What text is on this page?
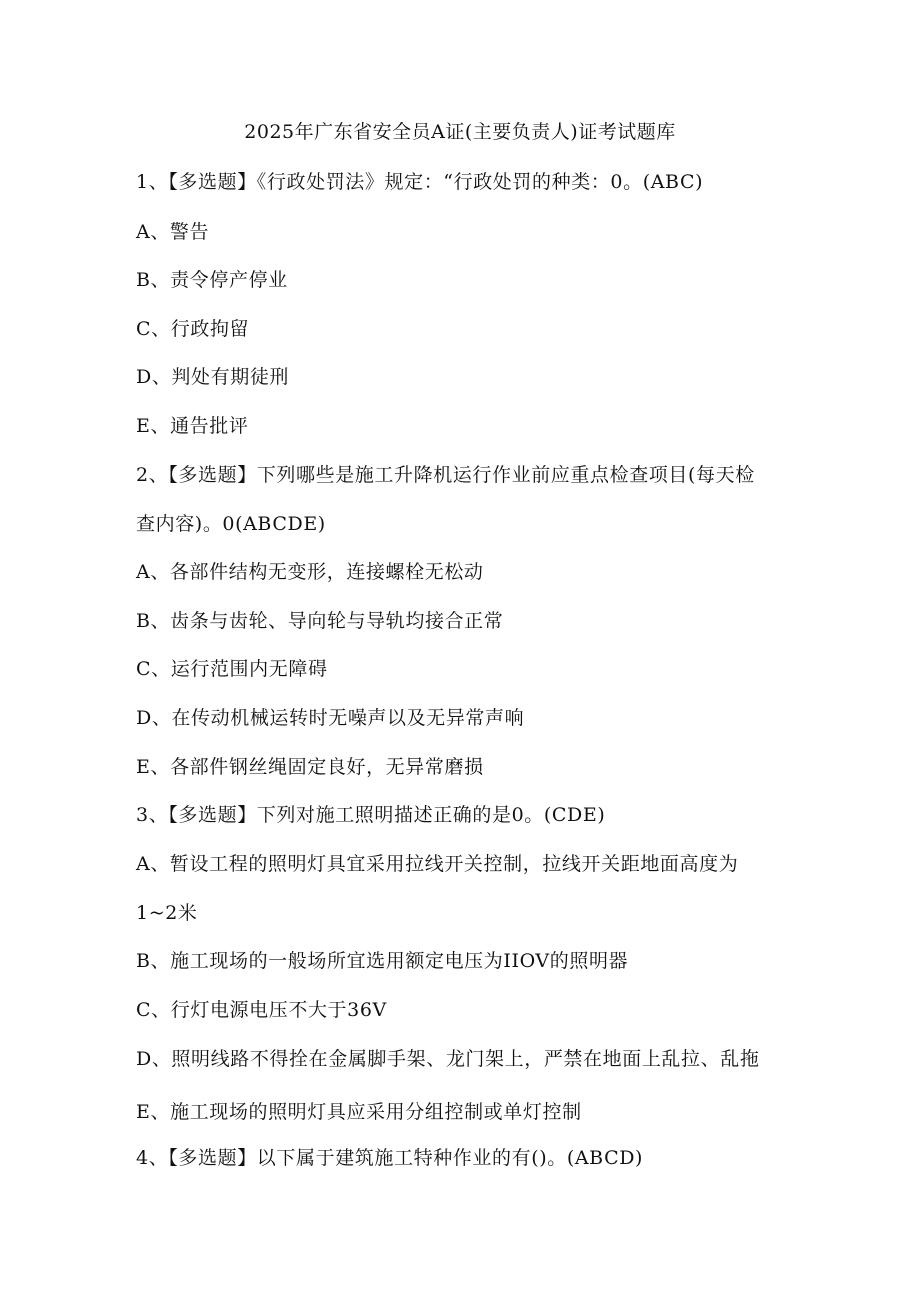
2025年广东省安全员A证(主要负责人)证考试题库
1、【多选题】《行政处罚法》规定：“行政处罚的种类：0。(ABC)
A、警告
B、责令停产停业
C、行政拘留
D、判处有期徒刑
E、通告批评
2、【多选题】下列哪些是施工升降机运行作业前应重点检查项目(每天检
查内容)。0(ABCDE)
A、各部件结构无变形，连接螺栓无松动
B、齿条与齿轮、导向轮与导轨均接合正常
C、运行范围内无障碍
D、在传动机械运转时无噪声以及无异常声响
E、各部件钢丝绳固定良好，无异常磨损
3、【多选题】下列对施工照明描述正确的是0。(CDE)
A、暂设工程的照明灯具宜采用拉线开关控制，拉线开关距地面高度为
1~2米
B、施工现场的一般场所宜选用额定电压为IIOV的照明器
C、行灯电源电压不大于36V
D、照明线路不得拴在金属脚手架、龙门架上，严禁在地面上乱拉、乱拖
E、施工现场的照明灯具应采用分组控制或单灯控制
4、【多选题】以下属于建筑施工特种作业的有()。(ABCD)
